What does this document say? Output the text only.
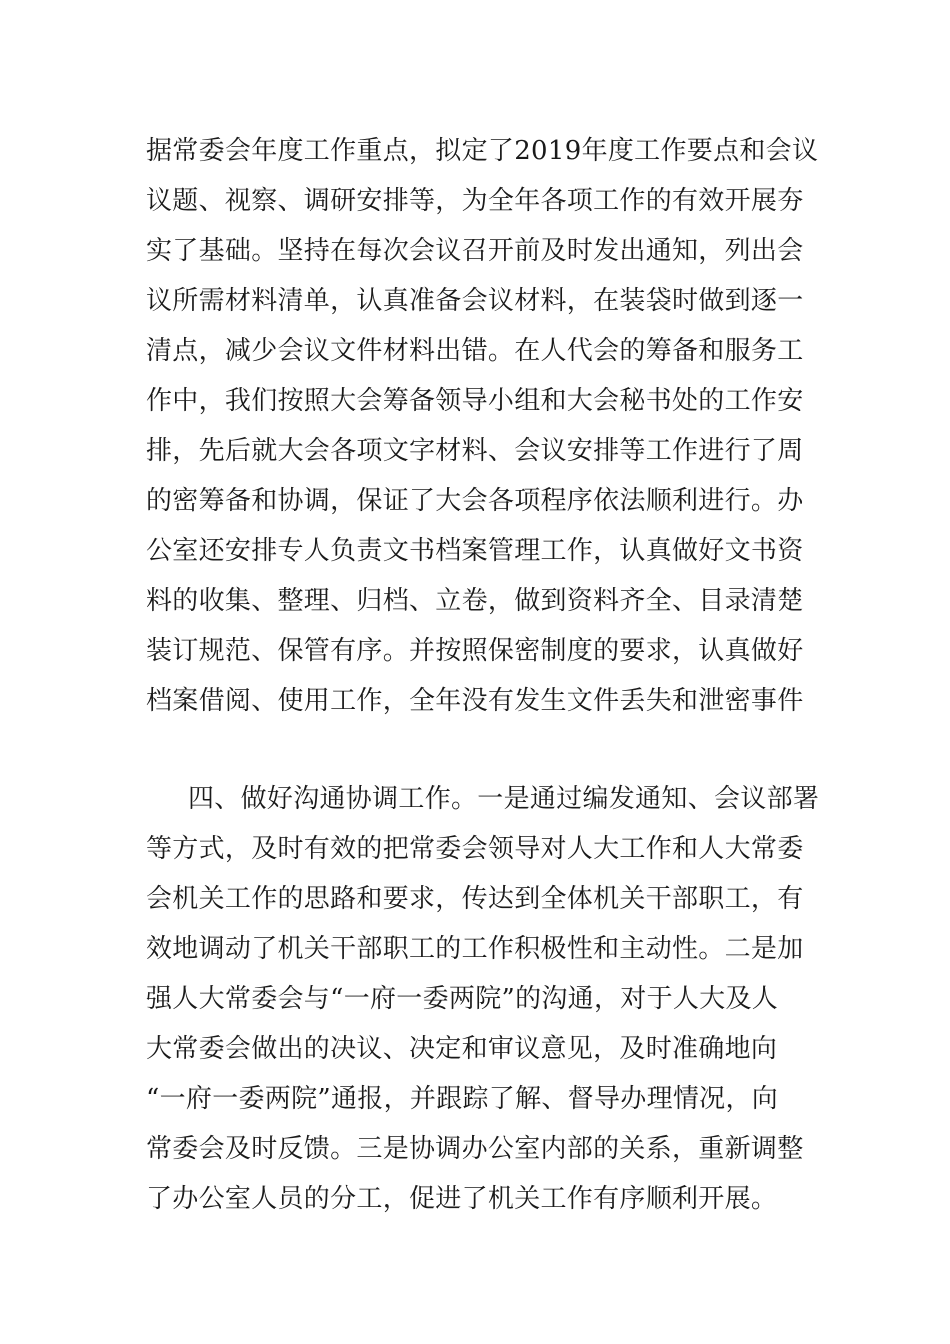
据常委会年度工作重点，拟定了2019年度工作要点和会议
议题、视察、调研安排等，为全年各项工作的有效开展夯
实了基础。坚持在每次会议召开前及时发出通知，列出会
议所需材料清单，认真准备会议材料，在装袋时做到逐一
清点，减少会议文件材料出错。在人代会的筹备和服务工
作中，我们按照大会筹备领导小组和大会秘书处的工作安
排，先后就大会各项文字材料、会议安排等工作进行了周
的密筹备和协调，保证了大会各项程序依法顺利进行。办
公室还安排专人负责文书档案管理工作，认真做好文书资
料的收集、整理、归档、立卷，做到资料齐全、目录清楚
装订规范、保管有序。并按照保密制度的要求，认真做好
档案借阅、使用工作，全年没有发生文件丢失和泄密事件
四、做好沟通协调工作。一是通过编发通知、会议部署
等方式，及时有效的把常委会领导对人大工作和人大常委
会机关工作的思路和要求，传达到全体机关干部职工，有
效地调动了机关干部职工的工作积极性和主动性。二是加
强人大常委会与“一府一委两院”的沟通，对于人大及人
大常委会做出的决议、决定和审议意见，及时准确地向
“一府一委两院”通报，并跟踪了解、督导办理情况，向
常委会及时反馈。三是协调办公室内部的关系，重新调整
了办公室人员的分工，促进了机关工作有序顺利开展。
